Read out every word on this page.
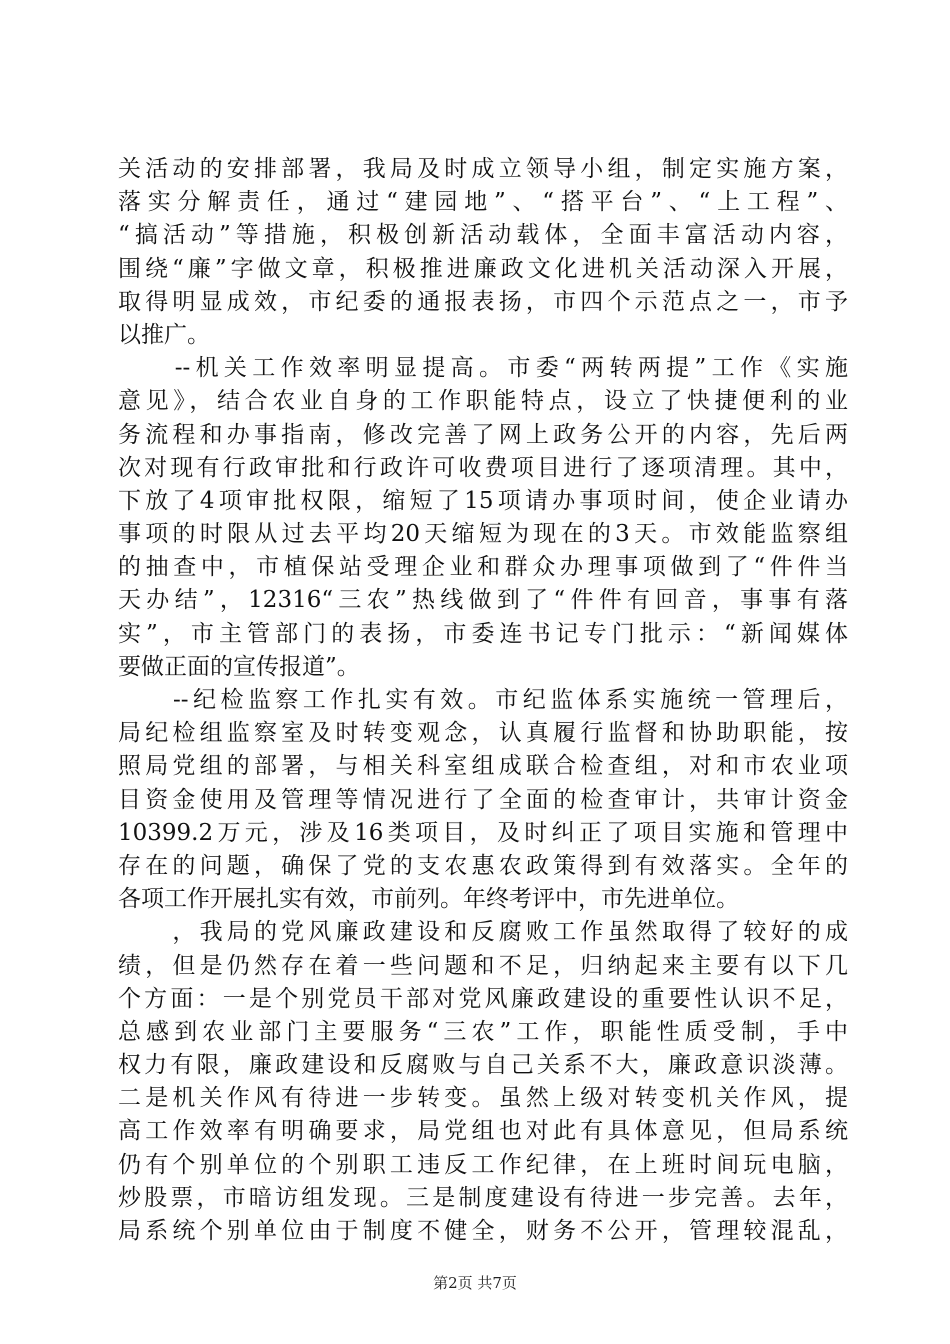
关活动的安排部署，我局及时成立领导小组，制定实施方案，
落实分解责任，通过“建园地”、“搭平台”、“上工程”、
“搞活动”等措施，积极创新活动载体，全面丰富活动内容，
围绕“廉”字做文章，积极推进廉政文化进机关活动深入开展，
取得明显成效，市纪委的通报表扬，市四个示范点之一，市予
以推广。
　　--机关工作效率明显提高。市委“两转两提”工作《实施
意见》，结合农业自身的工作职能特点，设立了快捷便利的业
务流程和办事指南，修改完善了网上政务公开的内容，先后两
次对现有行政审批和行政许可收费项目进行了逐项清理。其中，
下放了4项审批权限，缩短了15项请办事项时间，使企业请办
事项的时限从过去平均20天缩短为现在的3天。市效能监察组
的抽查中，市植保站受理企业和群众办理事项做到了“件件当
天办结”，12316“三农”热线做到了“件件有回音，事事有落
实”，市主管部门的表扬，市委连书记专门批示：“新闻媒体
要做正面的宣传报道”。
　　--纪检监察工作扎实有效。市纪监体系实施统一管理后，
局纪检组监察室及时转变观念，认真履行监督和协助职能，按
照局党组的部署，与相关科室组成联合检查组，对和市农业项
目资金使用及管理等情况进行了全面的检查审计，共审计资金
10399.2万元，涉及16类项目，及时纠正了项目实施和管理中
存在的问题，确保了党的支农惠农政策得到有效落实。全年的
各项工作开展扎实有效，市前列。年终考评中，市先进单位。
　　，我局的党风廉政建设和反腐败工作虽然取得了较好的成
绩，但是仍然存在着一些问题和不足，归纳起来主要有以下几
个方面：一是个别党员干部对党风廉政建设的重要性认识不足，
总感到农业部门主要服务“三农”工作，职能性质受制，手中
权力有限，廉政建设和反腐败与自己关系不大，廉政意识淡薄。
二是机关作风有待进一步转变。虽然上级对转变机关作风，提
高工作效率有明确要求，局党组也对此有具体意见，但局系统
仍有个别单位的个别职工违反工作纪律，在上班时间玩电脑，
炒股票，市暗访组发现。三是制度建设有待进一步完善。去年，
局系统个别单位由于制度不健全，财务不公开，管理较混乱，
第2页 共7页
